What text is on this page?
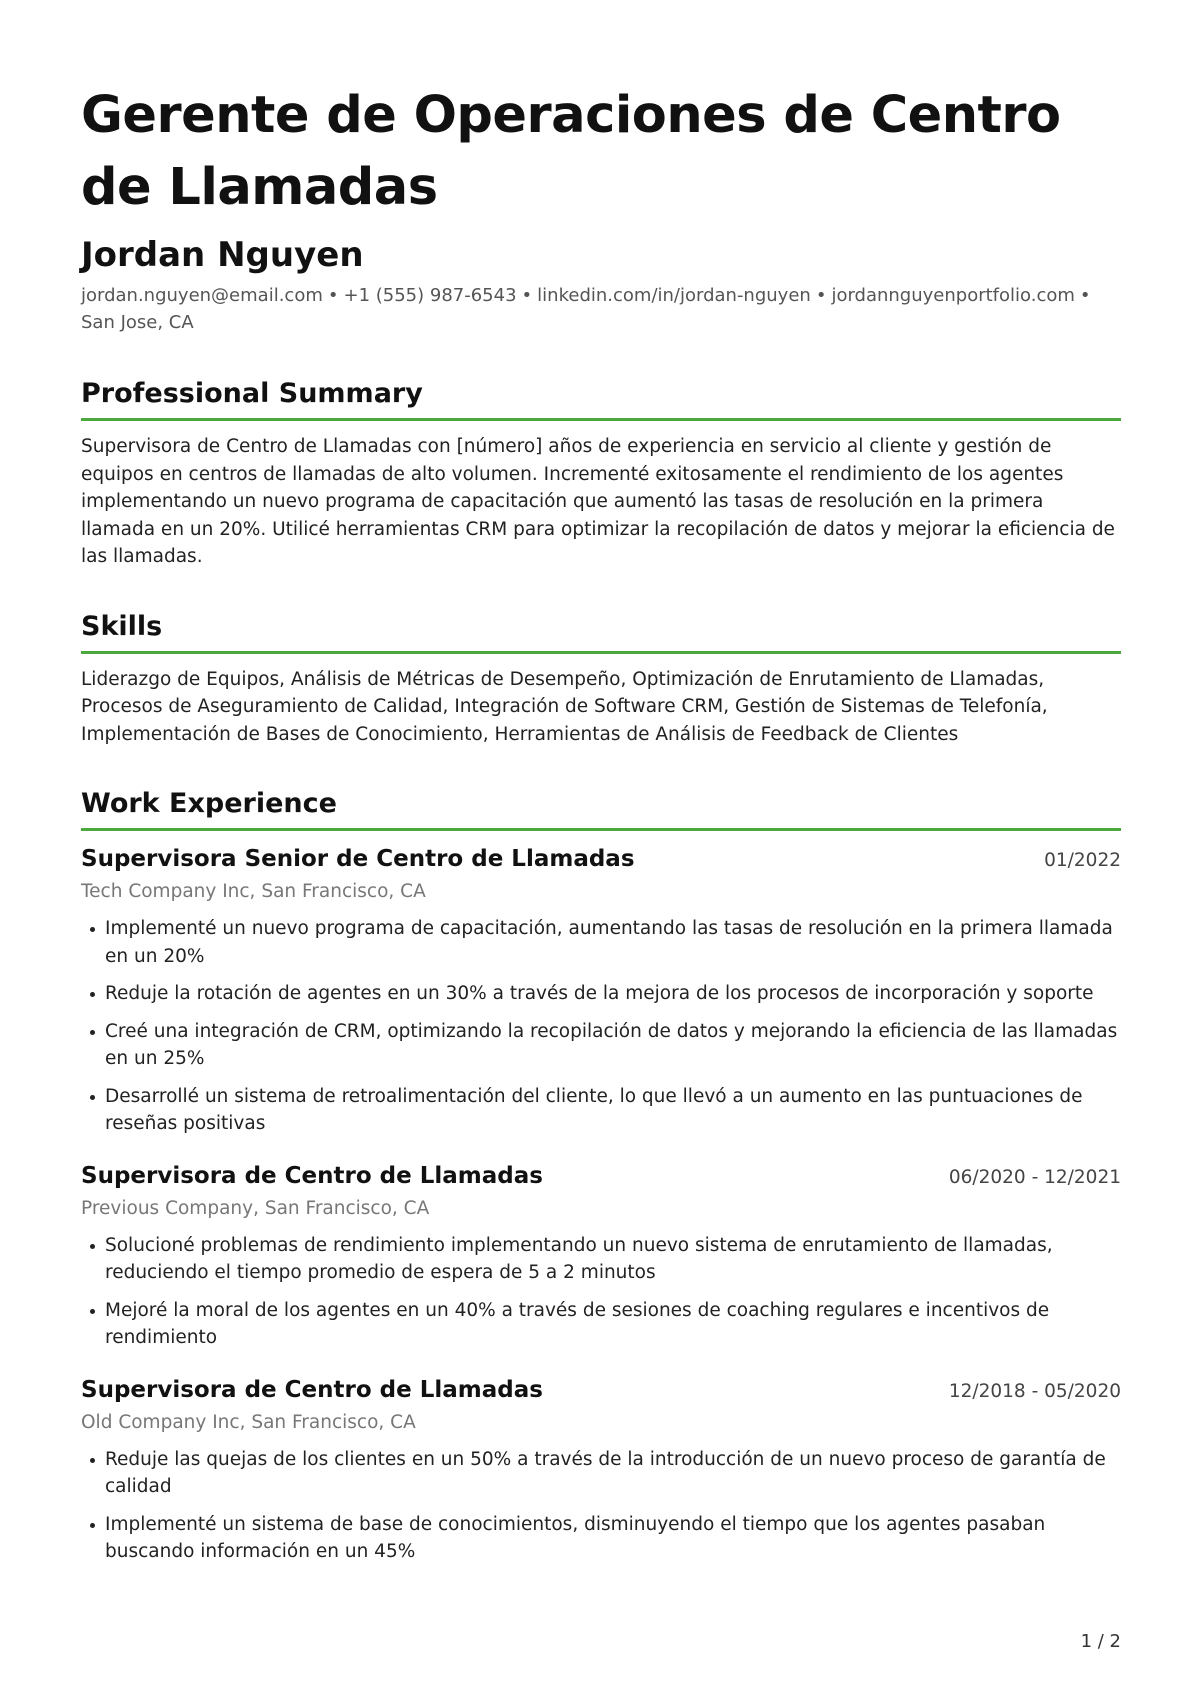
Gerente de Operaciones de Centro de Llamadas
Jordan Nguyen
jordan.nguyen@email.com • +1 (555) 987-6543 • linkedin.com/in/jordan-nguyen • jordannguyenportfolio.com •
San Jose, CA
Professional Summary
Supervisora de Centro de Llamadas con [número] años de experiencia en servicio al cliente y gestión de equipos en centros de llamadas de alto volumen. Incrementé exitosamente el rendimiento de los agentes implementando un nuevo programa de capacitación que aumentó las tasas de resolución en la primera llamada en un 20%. Utilicé herramientas CRM para optimizar la recopilación de datos y mejorar la eficiencia de las llamadas.
Skills
Liderazgo de Equipos, Análisis de Métricas de Desempeño, Optimización de Enrutamiento de Llamadas, Procesos de Aseguramiento de Calidad, Integración de Software CRM, Gestión de Sistemas de Telefonía, Implementación de Bases de Conocimiento, Herramientas de Análisis de Feedback de Clientes
Work Experience
Supervisora Senior de Centro de Llamadas	01/2022
Tech Company Inc, San Francisco, CA
Implementé un nuevo programa de capacitación, aumentando las tasas de resolución en la primera llamada en un 20%
Reduje la rotación de agentes en un 30% a través de la mejora de los procesos de incorporación y soporte
Creé una integración de CRM, optimizando la recopilación de datos y mejorando la eficiencia de las llamadas en un 25%
Desarrollé un sistema de retroalimentación del cliente, lo que llevó a un aumento en las puntuaciones de reseñas positivas
Supervisora de Centro de Llamadas	06/2020 - 12/2021
Previous Company, San Francisco, CA
Solucioné problemas de rendimiento implementando un nuevo sistema de enrutamiento de llamadas, reduciendo el tiempo promedio de espera de 5 a 2 minutos
Mejoré la moral de los agentes en un 40% a través de sesiones de coaching regulares e incentivos de rendimiento
Supervisora de Centro de Llamadas	12/2018 - 05/2020
Old Company Inc, San Francisco, CA
Reduje las quejas de los clientes en un 50% a través de la introducción de un nuevo proceso de garantía de calidad
Implementé un sistema de base de conocimientos, disminuyendo el tiempo que los agentes pasaban buscando información en un 45%
1 / 2
